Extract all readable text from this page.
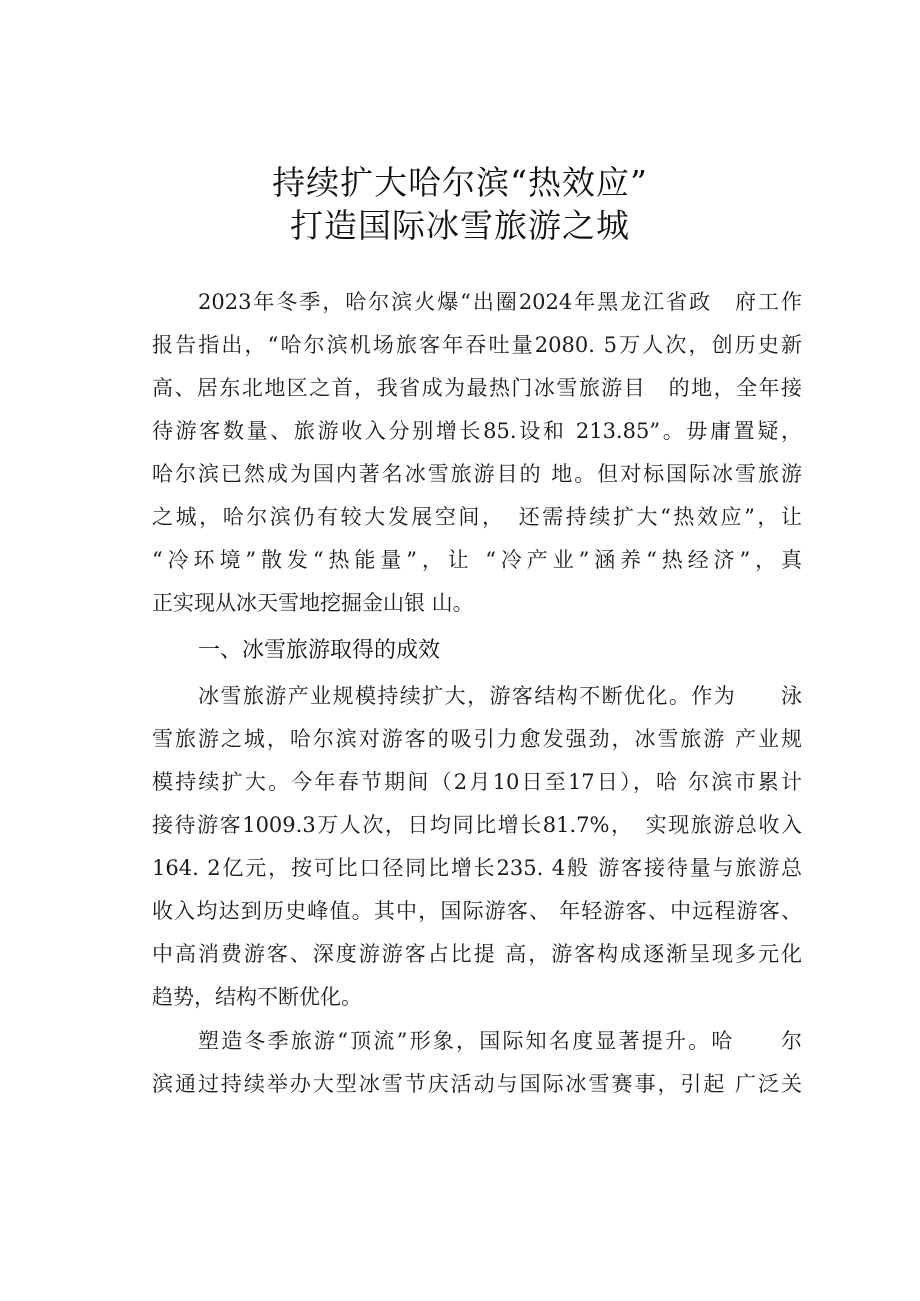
持续扩大哈尔滨“热效应”
打造国际冰雪旅游之城
2023年冬季，哈尔滨火爆“出圈2024年黑龙江省政　府工作
报告指出，“哈尔滨机场旅客年吞吐量2080. 5万人次，创历史新
高、居东北地区之首，我省成为最热门冰雪旅游目　的地，全年接
待游客数量、旅游收入分别增长85.设和 213.85”。毋庸置疑，
哈尔滨已然成为国内著名冰雪旅游目的 地。但对标国际冰雪旅游
之城，哈尔滨仍有较大发展空间，　还需持续扩大“热效应”，让
“冷环境”散发“热能量”，让 “冷产业”涵养“热经济”，真
正实现从冰天雪地挖掘金山银 山。
一、冰雪旅游取得的成效
冰雪旅游产业规模持续扩大，游客结构不断优化。作为　　泳
雪旅游之城，哈尔滨对游客的吸引力愈发强劲，冰雪旅游 产业规
模持续扩大。今年春节期间（2月10日至17日），哈 尔滨市累计
接待游客1009.3万人次，日均同比增长81.7%，　实现旅游总收入
164. 2亿元，按可比口径同比增长235. 4般 游客接待量与旅游总
收入均达到历史峰值。其中，国际游客、 年轻游客、中远程游客、
中高消费游客、深度游游客占比提 高，游客构成逐渐呈现多元化
趋势，结构不断优化。
塑造冬季旅游“顶流”形象，国际知名度显著提升。哈　　尔
滨通过持续举办大型冰雪节庆活动与国际冰雪赛事，引起 广泛关
